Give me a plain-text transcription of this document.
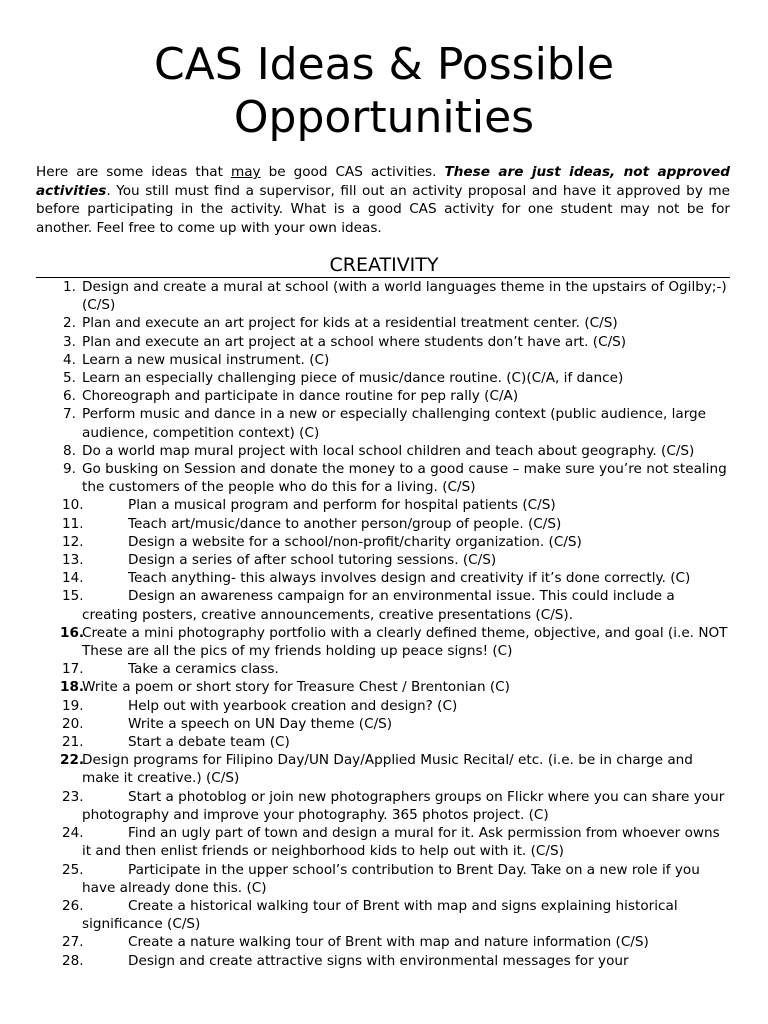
CAS Ideas & Possible
Opportunities

Here are some ideas that may be good CAS activities. These are just ideas, not approved activities. You still must find a supervisor, fill out an activity proposal and have it approved by me before participating in the activity. What is a good CAS activity for one student may not be for another. Feel free to come up with your own ideas.

CREATIVITY
1. Design and create a mural at school (with a world languages theme in the upstairs of Ogilby;-) (C/S)
2. Plan and execute an art project for kids at a residential treatment center. (C/S)
3. Plan and execute an art project at a school where students don’t have art. (C/S)
4. Learn a new musical instrument. (C)
5. Learn an especially challenging piece of music/dance routine. (C)(C/A, if dance)
6. Choreograph and participate in dance routine for pep rally (C/A)
7. Perform music and dance in a new or especially challenging context (public audience, large audience, competition context) (C)
8. Do a world map mural project with local school children and teach about geography. (C/S)
9. Go busking on Session and donate the money to a good cause – make sure you’re not stealing the customers of the people who do this for a living. (C/S)
10.	Plan a musical program and perform for hospital patients (C/S)
11.	Teach art/music/dance to another person/group of people. (C/S)
12.	Design a website for a school/non-profit/charity organization. (C/S)
13.	Design a series of after school tutoring sessions. (C/S)
14.	Teach anything- this always involves design and creativity if it’s done correctly. (C)
15.	Design an awareness campaign for an environmental issue. This could include a creating posters, creative announcements, creative presentations (C/S).
16.
Create a mini photography portfolio with a clearly defined theme, objective, and goal (i.e. NOT These are all the pics of my friends holding up peace signs! (C)
17.	Take a ceramics class.
18.
Write a poem or short story for Treasure Chest / Brentonian (C)
19.	Help out with yearbook creation and design? (C)
20.	Write a speech on UN Day theme (C/S)
21.	Start a debate team (C)
22.
Design programs for Filipino Day/UN Day/Applied Music Recital/ etc. (i.e. be in charge and make it creative.) (C/S)
23.	Start a photoblog or join new photographers groups on Flickr where you can share your photography and improve your photography. 365 photos project. (C)
24.	Find an ugly part of town and design a mural for it. Ask permission from whoever owns it and then enlist friends or neighborhood kids to help out with it. (C/S)
25.	Participate in the upper school’s contribution to Brent Day. Take on a new role if you have already done this. (C)
26.	Create a historical walking tour of Brent with map and signs explaining historical significance (C/S)
27.	Create a nature walking tour of Brent with map and nature information (C/S)
28.	Design and create attractive signs with environmental messages for your
